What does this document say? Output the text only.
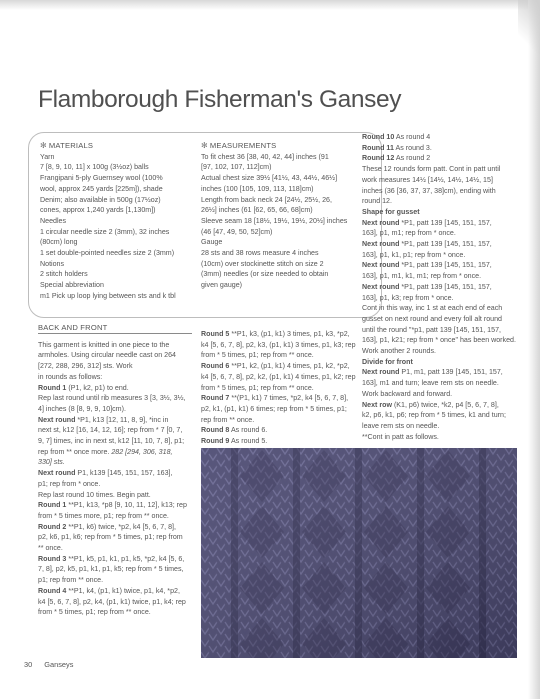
Flamborough Fisherman's Gansey

✻ MATERIALS

Yarn

7 [8, 9, 10, 11] x 100g (3½oz) balls
Frangipani 5-ply Guernsey wool (100%
wool, approx 245 yards [225m]), shade
Denim; also available in 500g (17½oz)
cones, approx 1,240 yards [1,130m])

Needles

1 circular needle size 2 (3mm), 32 inches
(80cm) long
1 set double-pointed needles size 2 (3mm)

Notions

2 stitch holders

Special abbreviation

m1 Pick up loop lying between sts and k tbl

✻ MEASUREMENTS

To fit chest 36 [38, 40, 42, 44] inches (91
[97, 102, 107, 112]cm)
Actual chest size 39½ [41½, 43, 44½, 46½]
inches (100 [105, 109, 113, 118]cm)
Length from back neck 24 [24½, 25½, 26,
26½] inches (61 [62, 65, 66, 68]cm)
Sleeve seam 18 [18½, 19½, 19½, 20½] inches
(46 [47, 49, 50, 52]cm)

Gauge

28 sts and 38 rows measure 4 inches
(10cm) over stockinette stitch on size 2
(3mm) needles (or size needed to obtain
given gauge)

Round 10 As round 4

Round 11 As round 3.

Round 12 As round 2

These 12 rounds form patt. Cont in patt until
work measures 14½ [14½, 14½, 14½, 15]
inches (36 [36, 37, 37, 38]cm), ending with
round 12.

Shape for gusset

Next round *P1, patt 139 [145, 151, 157,
163], p1, m1; rep from * once.
Next round *P1, patt 139 [145, 151, 157,
163], p1, k1, p1; rep from * once.
Next round *P1, patt 139 [145, 151, 157,
163], p1, m1, k1, m1; rep from * once.
Next round *P1, patt 139 [145, 151, 157,
163], p1, k3; rep from * once.
Cont in this way, inc 1 st at each end of each
gusset on next round and every foll alt round
until the round "*p1, patt 139 [145, 151, 157,
163], p1, k21; rep from * once" has been worked.
Work another 2 rounds.

Divide for front

Next round P1, m1, patt 139 [145, 151, 157,
163], m1 and turn; leave rem sts on needle.
Work backward and forward.
Next row (K1, p6) twice, *k2, p4 [5, 6, 7, 8],
k2, p6, k1, p6; rep from * 5 times, k1 and turn;
leave rem sts on needle.
**Cont in patt as follows.

BACK AND FRONT

This garment is knitted in one piece to the
armholes. Using circular needle cast on 264
[272, 288, 296, 312] sts. Work
in rounds as follows:

Round 1 (P1, k2, p1) to end.

Rep last round until rib measures 3 [3, 3½, 3½,
4] inches (8 [8, 9, 9, 10]cm).
Next round *P1, k13 [12, 11, 8, 9], *inc in
next st, k12 [16, 14, 12, 16]; rep from * 7 [0, 7,
9, 7] times, inc in next st, k12 [11, 10, 7, 8], p1;
rep from ** once more. 282 [294, 306, 318,
330] sts.
Next round P1, k139 [145, 151, 157, 163],
p1; rep from * once.
Rep last round 10 times. Begin patt.
Round 1 **P1, k13, *p8 [9, 10, 11, 12], k13; rep
from * 5 times more, p1; rep from ** once.
Round 2 **P1, k6) twice, *p2, k4 [5, 6, 7, 8],
p2, k6, p1, k6; rep from * 5 times, p1; rep from
** once.
Round 3 **P1, k5, p1, k1, p1, k5, *p2, k4 [5, 6,
7, 8], p2, k5, p1, k1, p1, k5; rep from * 5 times,
p1; rep from ** once.
Round 4 **P1, k4, (p1, k1) twice, p1, k4, *p2,
k4 [5, 6, 7, 8], p2, k4, (p1, k1) twice, p1, k4; rep
from * 5 times, p1; rep from ** once.
Round 5 **P1, k3, (p1, k1) 3 times, p1, k3, *p2,
k4 [5, 6, 7, 8], p2, k3, (p1, k1) 3 times, p1, k3; rep
from * 5 times, p1; rep from ** once.
Round 6 **P1, k2, (p1, k1) 4 times, p1, k2, *p2,
k4 [5, 6, 7, 8], p2, k2, (p1, k1) 4 times, p1, k2; rep
from * 5 times, p1; rep from ** once.
Round 7 **(P1, k1) 7 times, *p2, k4 [5, 6, 7, 8],
p2, k1, (p1, k1) 6 times; rep from * 5 times, p1;
rep from ** once.

Round 8 As round 6.

Round 9 As round 5.

30 Ganseys
